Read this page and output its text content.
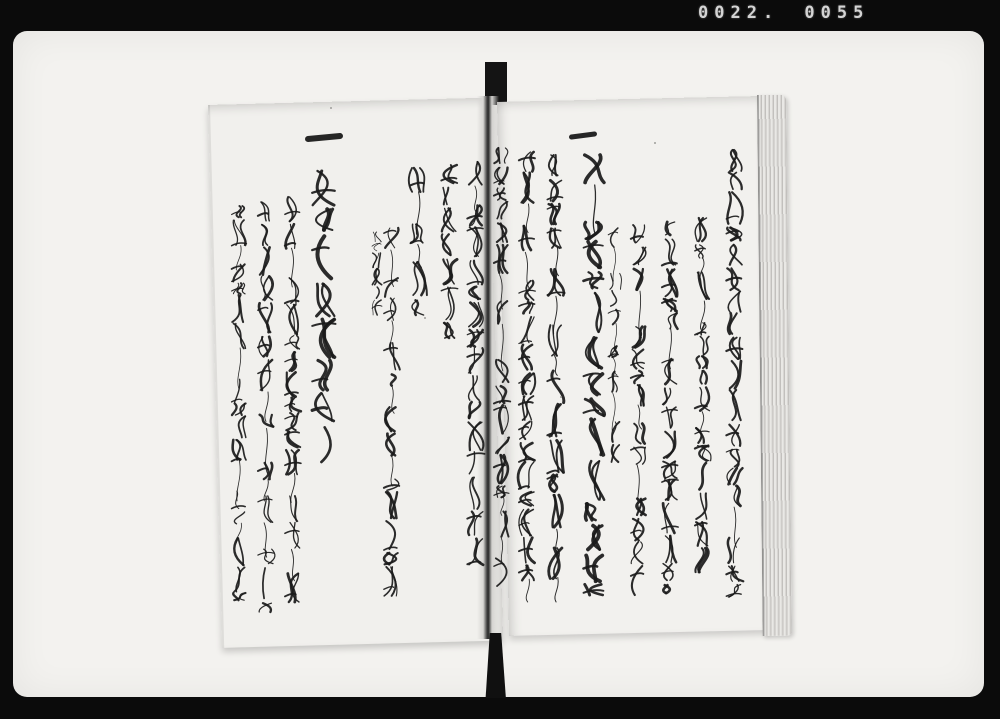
0022. 0055
